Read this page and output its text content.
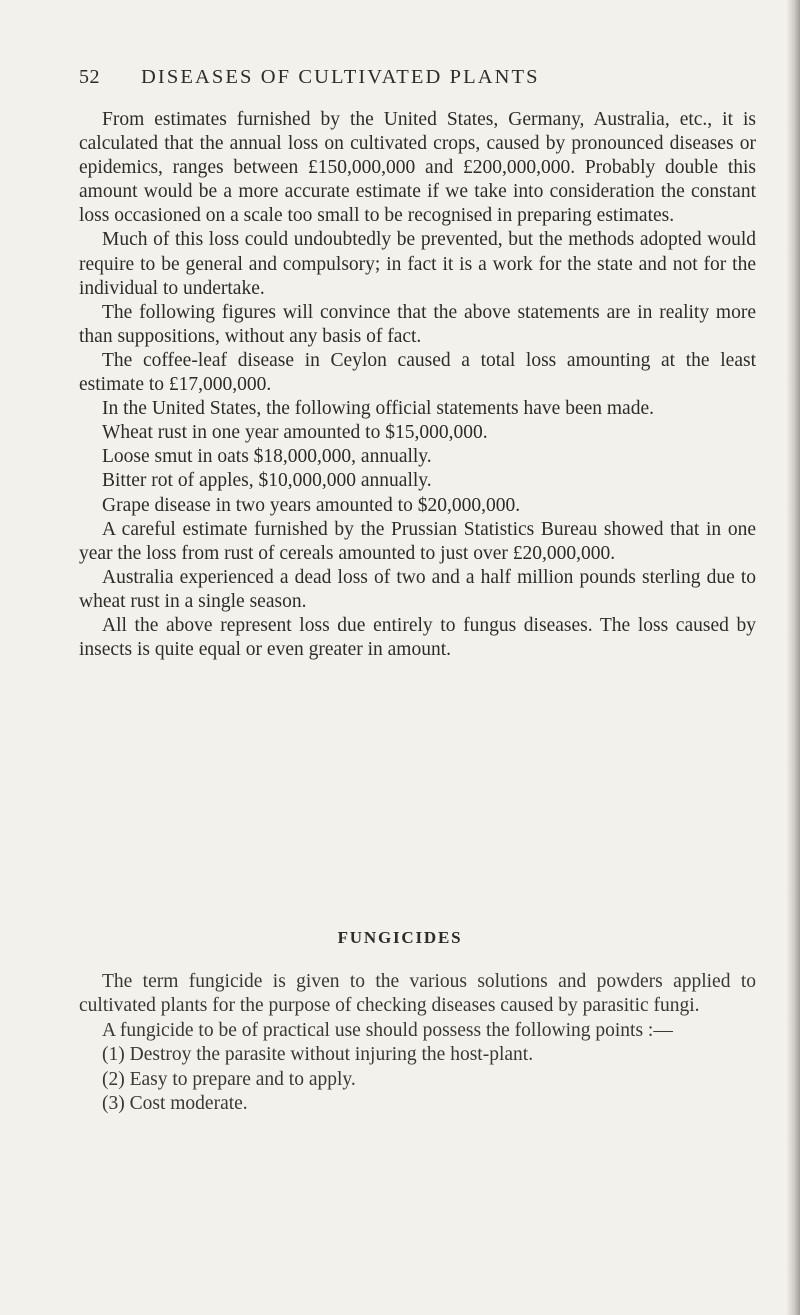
52 DISEASES OF CULTIVATED PLANTS

From estimates furnished by the United States, Germany, Australia, etc., it is calculated that the annual loss on cultivated crops, caused by pronounced diseases or epidemics, ranges between £150,000,000 and £200,000,000. Probably double this amount would be a more accurate estimate if we take into consideration the constant loss occasioned on a scale too small to be recognised in preparing estimates.

Much of this loss could undoubtedly be prevented, but the methods adopted would require to be general and compulsory; in fact it is a work for the state and not for the individual to undertake.

The following figures will convince that the above statements are in reality more than suppositions, without any basis of fact.

The coffee-leaf disease in Ceylon caused a total loss amounting at the least estimate to £17,000,000.

In the United States, the following official statements have been made.

Wheat rust in one year amounted to $15,000,000.

Loose smut in oats $18,000,000, annually.

Bitter rot of apples, $10,000,000 annually.

Grape disease in two years amounted to $20,000,000.

A careful estimate furnished by the Prussian Statistics Bureau showed that in one year the loss from rust of cereals amounted to just over £20,000,000.

Australia experienced a dead loss of two and a half million pounds sterling due to wheat rust in a single season.

All the above represent loss due entirely to fungus diseases. The loss caused by insects is quite equal or even greater in amount.

FUNGICIDES

The term fungicide is given to the various solutions and powders applied to cultivated plants for the purpose of checking diseases caused by parasitic fungi.

A fungicide to be of practical use should possess the following points :—

(1) Destroy the parasite without injuring the host-plant.

(2) Easy to prepare and to apply.

(3) Cost moderate.
